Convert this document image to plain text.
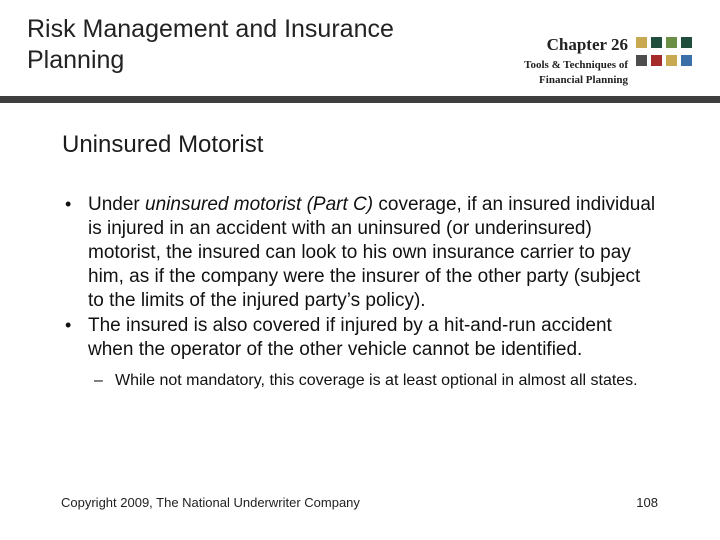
Risk Management and Insurance
Planning
Chapter 26
Tools & Techniques of
Financial Planning
Uninsured Motorist
• Under uninsured motorist (Part C) coverage, if an insured individual is injured in an accident with an uninsured (or underinsured) motorist, the insured can look to his own insurance carrier to pay him, as if the company were the insurer of the other party (subject to the limits of the injured party’s policy).
• The insured is also covered if injured by a hit-and-run accident when the operator of the other vehicle cannot be identified.
– While not mandatory, this coverage is at least optional in almost all states.
Copyright 2009, The National Underwriter Company	108
